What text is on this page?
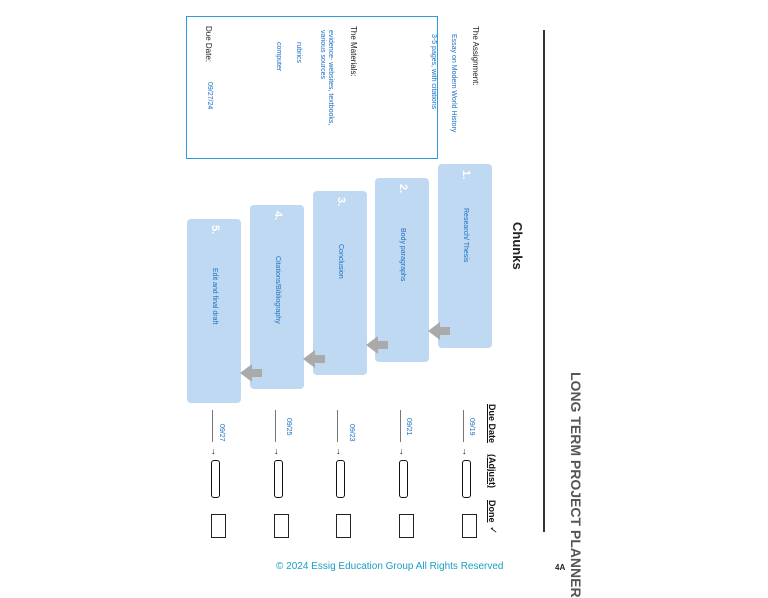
LONG TERM PROJECT PLANNER
Chunks
The Assignment:
Essay on Modern World History
3-5 pages, with citations
The Materials:
evidence- websites, textbooks,
various sources
rubrics
computer
Due Date:
09/27/24
1.
Research/ Thesis
2.
Body paragraphs
3.
Conclusion
4.
Citations/Bibliography
5.
Edit and final draft
Due Date
(Adjust)
Done
✓
09/19
↓
09/21
↓
09/23
↓
09/25
↓
09/27
↓
© 2024 Essig Education Group All Rights Reserved	4A
